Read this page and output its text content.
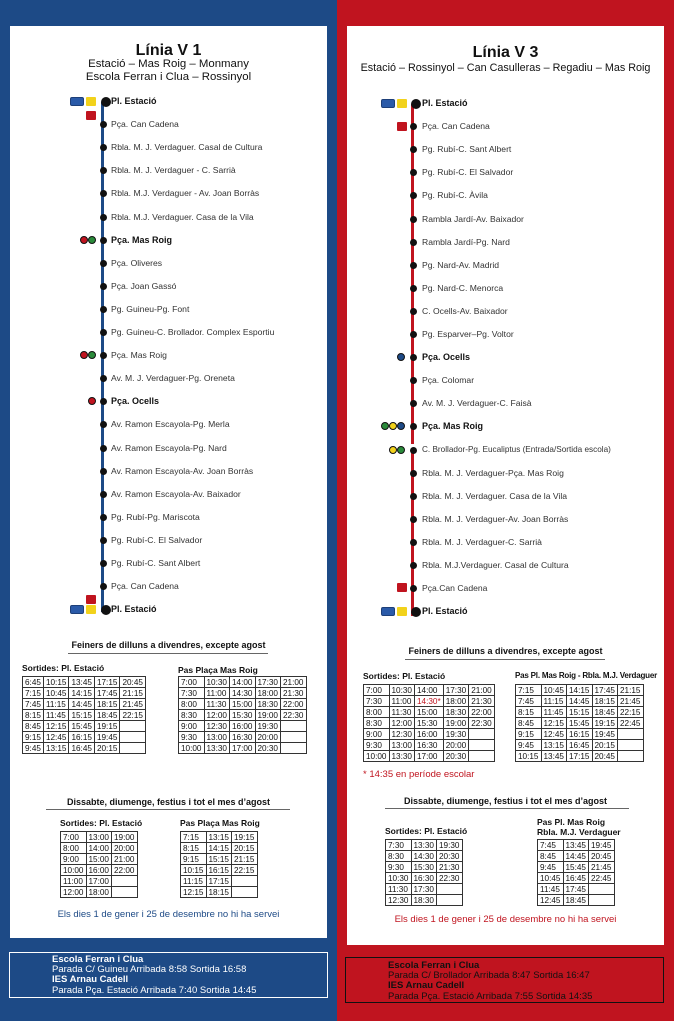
Línia V 1
Estació – Mas Roig – Monmany
Escola Ferran i Clua – Rossinyol
Pl. Estació
Pça. Can Cadena
Rbla. M. J. Verdaguer. Casal de Cultura
Rbla. M. J. Verdaguer - C. Sarrià
Rbla. M.J. Verdaguer - Av. Joan Borràs
Rbla. M.J. Verdaguer. Casa de la Vila
Pça. Mas Roig
Pça. Oliveres
Pça. Joan Gassó
Pg. Guineu-Pg. Font
Pg. Guineu-C. Brollador. Complex Esportiu
Pça. Mas Roig
Av. M. J. Verdaguer-Pg. Oreneta
Pça. Ocells
Av. Ramon Escayola-Pg. Merla
Av. Ramon Escayola-Pg. Nard
Av. Ramon Escayola-Av. Joan Borràs
Av. Ramon Escayola-Av. Baixador
Pg. Rubí-Pg. Mariscota
Pg. Rubí-C. El Salvador
Pg. Rubí-C. Sant Albert
Pça. Can Cadena
Pl. Estació
Feiners de dilluns a divendres, excepte agost
Sortides: Pl. Estació
6:45	10:15	13:45	17:15	20:45
7:15	10:45	14:15	17:45	21:15
7:45	11:15	14:45	18:15	21:45
8:15	11:45	15:15	18:45	22:15
8:45	12:15	15:45	19:15	
9:15	12:45	16:15	19:45	
9:45	13:15	16:45	20:15	
Pas Plaça Mas Roig
7:00	10:30	14:00	17:30	21:00
7:30	11:00	14:30	18:00	21:30
8:00	11:30	15:00	18:30	22:00
8:30	12:00	15:30	19:00	22:30
9:00	12:30	16:00	19:30	
9:30	13:00	16:30	20:00	
10:00	13:30	17:00	20:30	
Dissabte, diumenge, festius i tot el mes d’agost
Sortides: Pl. Estació
7:00	13:00	19:00
8:00	14:00	20:00
9:00	15:00	21:00
10:00	16:00	22:00
11:00	17:00	
12:00	18:00	
Pas Plaça Mas Roig
7:15	13:15	19:15
8:15	14:15	20:15
9:15	15:15	21:15
10:15	16:15	22:15
11:15	17:15	
12:15	18:15	
Els dies 1 de gener i 25 de desembre no hi ha servei
Escola Ferran i Clua
Parada C/ Guineu Arribada 8:58 Sortida 16:58
IES Arnau Cadell
Parada Pça. Estació Arribada 7:40 Sortida 14:45
Línia V 3
Estació – Rossinyol – Can Casulleras – Regadiu – Mas Roig
Pl. Estació
Pça. Can Cadena
Pg. Rubí-C. Sant Albert
Pg. Rubí-C. El Salvador
Pg. Rubí-C. Àvila
Rambla Jardí-Av. Baixador
Rambla Jardí-Pg. Nard
Pg. Nard-Av. Madrid
Pg. Nard-C. Menorca
C. Ocells-Av. Baixador
Pg. Esparver–Pg. Voltor
Pça. Ocells
Pça. Colomar
Av. M. J. Verdaguer-C. Faisà
Pça. Mas Roig
C. Brollador-Pg. Eucaliptus (Entrada/Sortida escola)
Rbla. M. J. Verdaguer-Pça. Mas Roig
Rbla. M. J. Verdaguer. Casa de la Vila
Rbla. M. J. Verdaguer-Av. Joan Borràs
Rbla. M. J. Verdaguer-C. Sarrià
Rbla. M.J.Verdaguer. Casal de Cultura
Pça.Can Cadena
Pl. Estació
Feiners de dilluns a divendres, excepte agost
Sortides: Pl. Estació
7:00	10:30	14:00	17:30	21:00
7:30	11:00	14:30*	18:00	21:30
8:00	11:30	15:00	18:30	22:00
8:30	12:00	15:30	19:00	22:30
9:00	12:30	16:00	19:30	
9:30	13:00	16:30	20:00	
10:00	13:30	17:00	20:30	
Pas Pl. Mas Roig - Rbla. M.J. Verdaguer
7:15	10:45	14:15	17:45	21:15
7:45	11:15	14:45	18:15	21:45
8:15	11:45	15:15	18:45	22:15
8:45	12:15	15:45	19:15	22:45
9:15	12:45	16:15	19:45	
9:45	13:15	16:45	20:15	
10:15	13:45	17:15	20:45	
* 14:35 en període escolar
Dissabte, diumenge, festius i tot el mes d’agost
Sortides: Pl. Estació
7:30	13:30	19:30
8:30	14:30	20:30
9:30	15:30	21:30
10:30	16:30	22:30
11:30	17:30	
12:30	18:30	
Pas Pl. Mas Roig
Rbla. M.J. Verdaguer
7:45	13:45	19:45
8:45	14:45	20:45
9:45	15:45	21:45
10:45	16:45	22:45
11:45	17:45	
12:45	18:45	
Els dies 1 de gener i 25 de desembre no hi ha servei
Escola Ferran i Clua
Parada C/ Brollador Arribada 8:47 Sortida 16:47
IES Arnau Cadell
Parada Pça. Estació Arribada 7:55 Sortida 14:35
